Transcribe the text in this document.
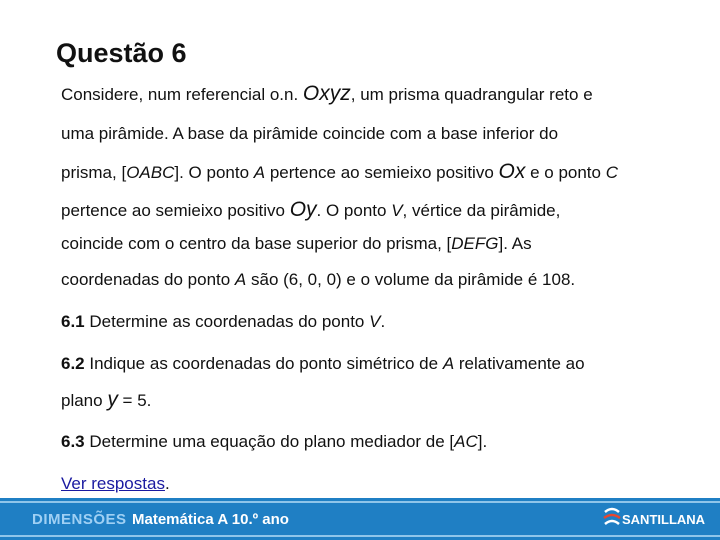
Questão 6
Considere, num referencial o.n. Oxyz, um prisma quadrangular reto e
uma pirâmide. A base da pirâmide coincide com a base inferior do
prisma, [OABC]. O ponto A pertence ao semieixo positivo Ox e o ponto C
pertence ao semieixo positivo Oy. O ponto V, vértice da pirâmide,
coincide com o centro da base superior do prisma, [DEFG]. As
coordenadas do ponto A são (6, 0, 0) e o volume da pirâmide é 108.
6.1 Determine as coordenadas do ponto V.
6.2 Indique as coordenadas do ponto simétrico de A relativamente ao
plano y = 5.
6.3 Determine uma equação do plano mediador de [AC].
Ver respostas.
DIMENSÕES Matemática A 10.º ano	SANTILLANA
